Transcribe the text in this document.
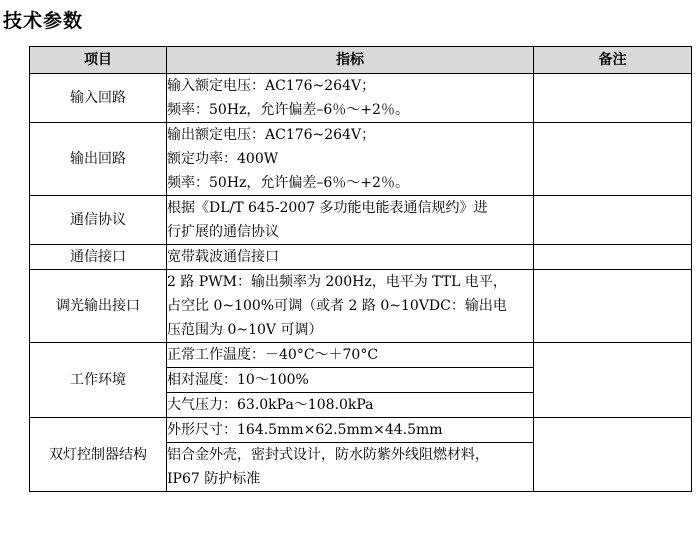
技术参数
项目	指标	备注
输入回路	输入额定电压：AC176~264V；
频率：50Hz，允许偏差–6％～+2％。	

输出回路	输出额定电压：AC176~264V；
额定功率：400W
频率：50Hz，允许偏差–6％～+2％。	

通信协议	根据《DL/T 645-2007 多功能电能表通信规约》进
行扩展的通信协议	

通信接口	宽带载波通信接口	

调光输出接口	2 路 PWM：输出频率为 200Hz，电平为 TTL 电平，
占空比 0~100%可调（或者 2 路 0~10VDC：输出电
压范围为 0~10V 可调）	

工作环境	正常工作温度：－40°C～＋70°C	

	相对湿度：10～100%	

	大气压力：63.0kPa～108.0kPa	

双灯控制器结构	外形尺寸：164.5mm×62.5mm×44.5mm	

	铝合金外壳，密封式设计，防水防紫外线阻燃材料，
IP67 防护标准	
